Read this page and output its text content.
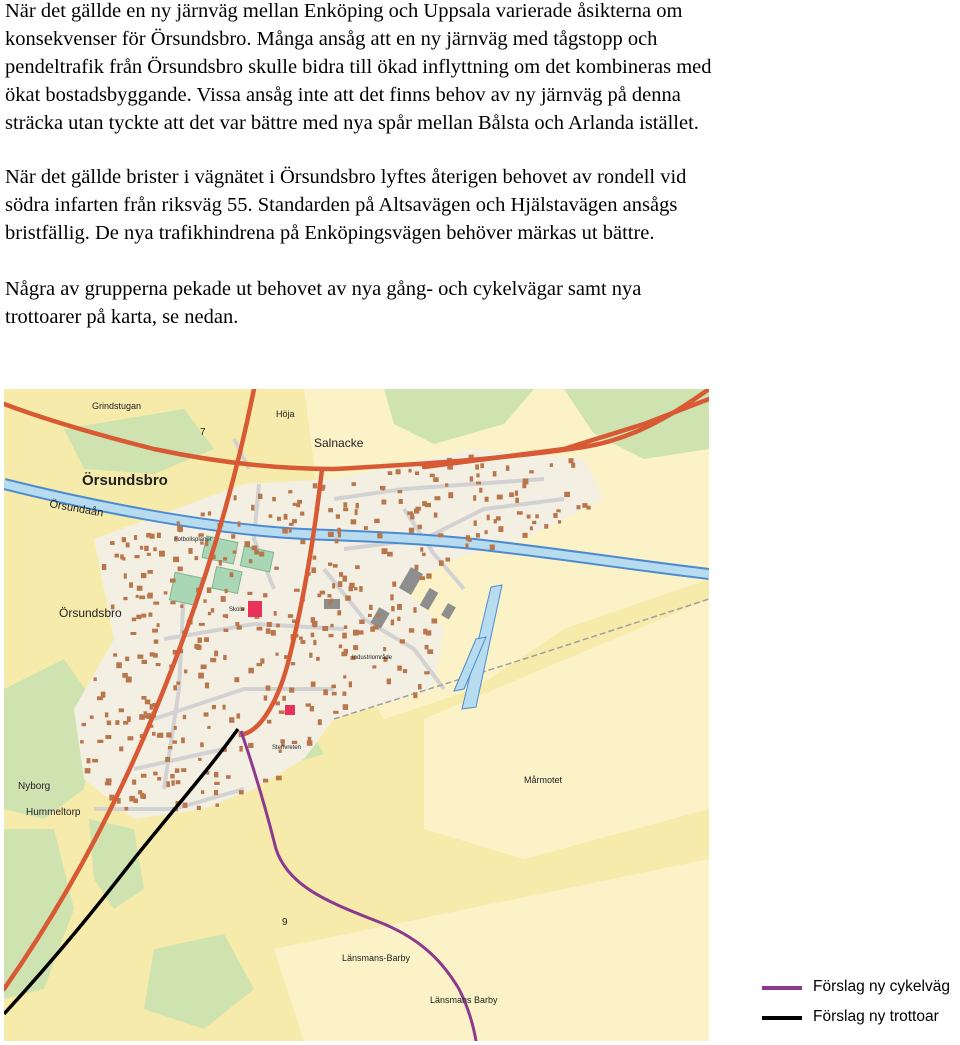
När det gällde en ny järnväg mellan Enköping och Uppsala varierade åsikterna om
konsekvenser för Örsundsbro. Många ansåg att en ny järnväg med tågstopp och
pendeltrafik från Örsundsbro skulle bidra till ökad inflyttning om det kombineras med
ökat bostadsbyggande. Vissa ansåg inte att det finns behov av ny järnväg på denna
sträcka utan tyckte att det var bättre med nya spår mellan Bålsta och Arlanda istället.

När det gällde brister i vägnätet i Örsundsbro lyftes återigen behovet av rondell vid
södra infarten från riksväg 55. Standarden på Altsavägen och Hjälstavägen ansågs
bristfällig. De nya trafikhindrena på Enköpingsvägen behöver märkas ut bättre.

Några av grupperna pekade ut behovet av nya gång- och cykelvägar samt nya
trottoarer på karta, se nedan.

Grindstugan
Höja
Salnacke
Örsundsbro
Örsundaån
Fotbollsplaner
Örsundsbro	Skola
Industriområde
Stenvreten
Nyborg
Hummeltorp
Mårmotet
Länsmans-Barby
Länsmans Barby
7
9
Förslag ny cykelväg
Förslag ny trottoar
